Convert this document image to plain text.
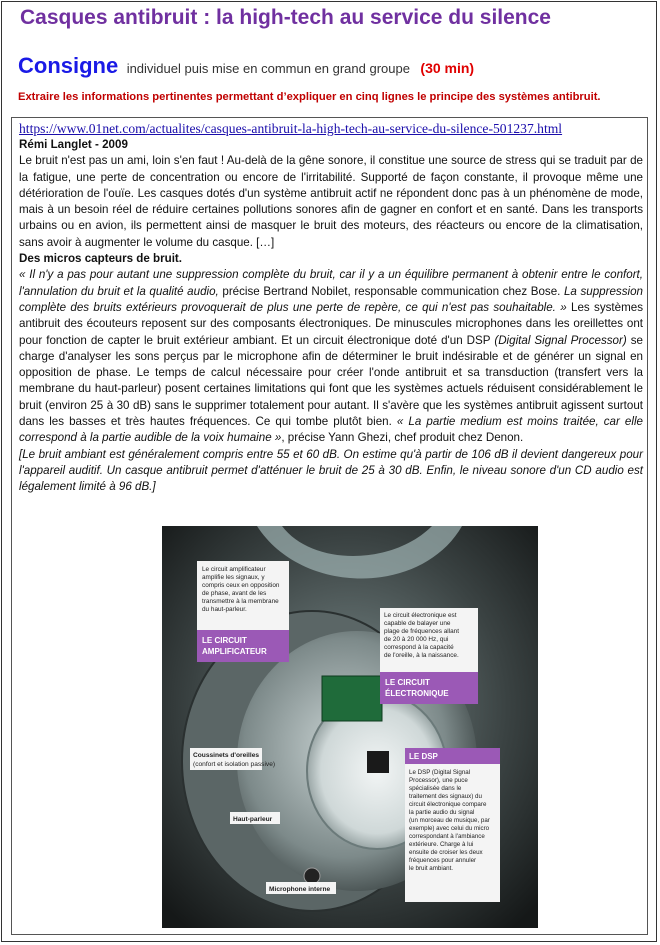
Casques antibruit : la high-tech au service du silence
Consigne individuel puis mise en commun en grand groupe (30 min)
Extraire les informations pertinentes permettant d’expliquer en cinq lignes le principe des systèmes antibruit.
https://www.01net.com/actualites/casques-antibruit-la-high-tech-au-service-du-silence-501237.html

Rémi Langlet - 2009

Le bruit n'est pas un ami, loin s'en faut ! Au-delà de la gêne sonore, il constitue une source de stress qui se traduit par de la fatigue, une perte de concentration ou encore de l'irritabilité. Supporté de façon constante, il provoque même une détérioration de l'ouïe. Les casques dotés d'un système antibruit actif ne répondent donc pas à un phénomène de mode, mais à un besoin réel de réduire certaines pollutions sonores afin de gagner en confort et en santé. Dans les transports urbains ou en avion, ils permettent ainsi de masquer le bruit des moteurs, des réacteurs ou encore de la climatisation, sans avoir à augmenter le volume du casque. […]

Des micros capteurs de bruit.

« Il n'y a pas pour autant une suppression complète du bruit, car il y a un équilibre permanent à obtenir entre le confort, l'annulation du bruit et la qualité audio, précise Bertrand Nobilet, responsable communication chez Bose. La suppression complète des bruits extérieurs provoquerait de plus une perte de repère, ce qui n'est pas souhaitable. » Les systèmes antibruit des écouteurs reposent sur des composants électroniques. De minuscules microphones dans les oreillettes ont pour fonction de capter le bruit extérieur ambiant. Et un circuit électronique doté d'un DSP (Digital Signal Processor) se charge d'analyser les sons perçus par le microphone afin de déterminer le bruit indésirable et de générer un signal en opposition de phase. Le temps de calcul nécessaire pour créer l'onde antibruit et sa transduction (transfert vers la membrane du haut-parleur) posent certaines limitations qui font que les systèmes actuels réduisent considérablement le bruit (environ 25 à 30 dB) sans le supprimer totalement pour autant. Il s'avère que les systèmes antibruit agissent surtout dans les basses et très hautes fréquences. Ce qui tombe plutôt bien. « La partie medium est moins traitée, car elle correspond à la partie audible de la voix humaine », précise Yann Ghezi, chef produit chez Denon.

[Le bruit ambiant est généralement compris entre 55 et 60 dB. On estime qu'à partir de 106 dB il devient dangereux pour l'appareil auditif. Un casque antibruit permet d'atténuer le bruit de 25 à 30 dB. Enfin, le niveau sonore d'un CD audio est légalement limité à 96 dB.]

Le circuit amplificateur amplifie les signaux, y compris ceux en opposition de phase, avant de les transmettre à la membrane du haut-parleur.
LE CIRCUIT AMPLIFICATEUR
Le circuit électronique est capable de balayer une plage de fréquences allant de 20 à 20 000 Hz, qui correspond à la capacité de l'oreille, à la naissance.
LE CIRCUIT ÉLECTRONIQUE
LE DSP
Le DSP (Digital Signal Processor), une puce spécialisée dans le traitement des signaux) du circuit électronique compare la partie audio du signal (un morceau de musique, par exemple) avec celui du micro correspondant à l'ambiance extérieure. Charge à lui ensuite de croiser les deux fréquences pour annuler le bruit ambiant.
Coussinets d'oreilles (confort et isolation passive)
Haut-parleur
Microphone interne
